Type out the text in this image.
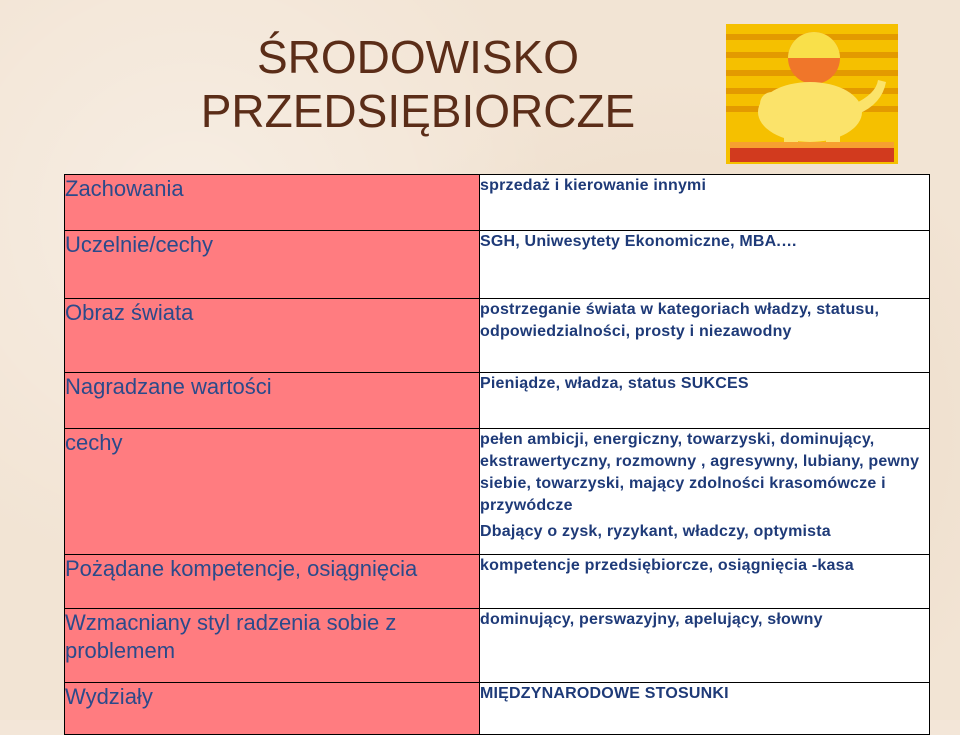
ŚRODOWISKO
PRZEDSIĘBIORCZE
Zachowania	sprzedaż i kierowanie innymi
Uczelnie/cechy	SGH, Uniwesytety Ekonomiczne, MBA.…
Obraz świata	postrzeganie świata w kategoriach władzy, statusu, odpowiedzialności, prosty i niezawodny
Nagradzane wartości	Pieniądze, władza, status SUKCES
cechy	pełen ambicji, energiczny, towarzyski, dominujący, ekstrawertyczny, rozmowny , agresywny, lubiany, pewny siebie, towarzyski, mający zdolności krasomówcze i przywódcze
Dbający o zysk, ryzykant, władczy, optymista

Pożądane kompetencje, osiągnięcia	kompetencje przedsiębiorcze, osiągnięcia -kasa
Wzmacniany styl radzenia sobie z problemem	dominujący, perswazyjny, apelujący, słowny
Wydziały	MIĘDZYNARODOWE STOSUNKI
